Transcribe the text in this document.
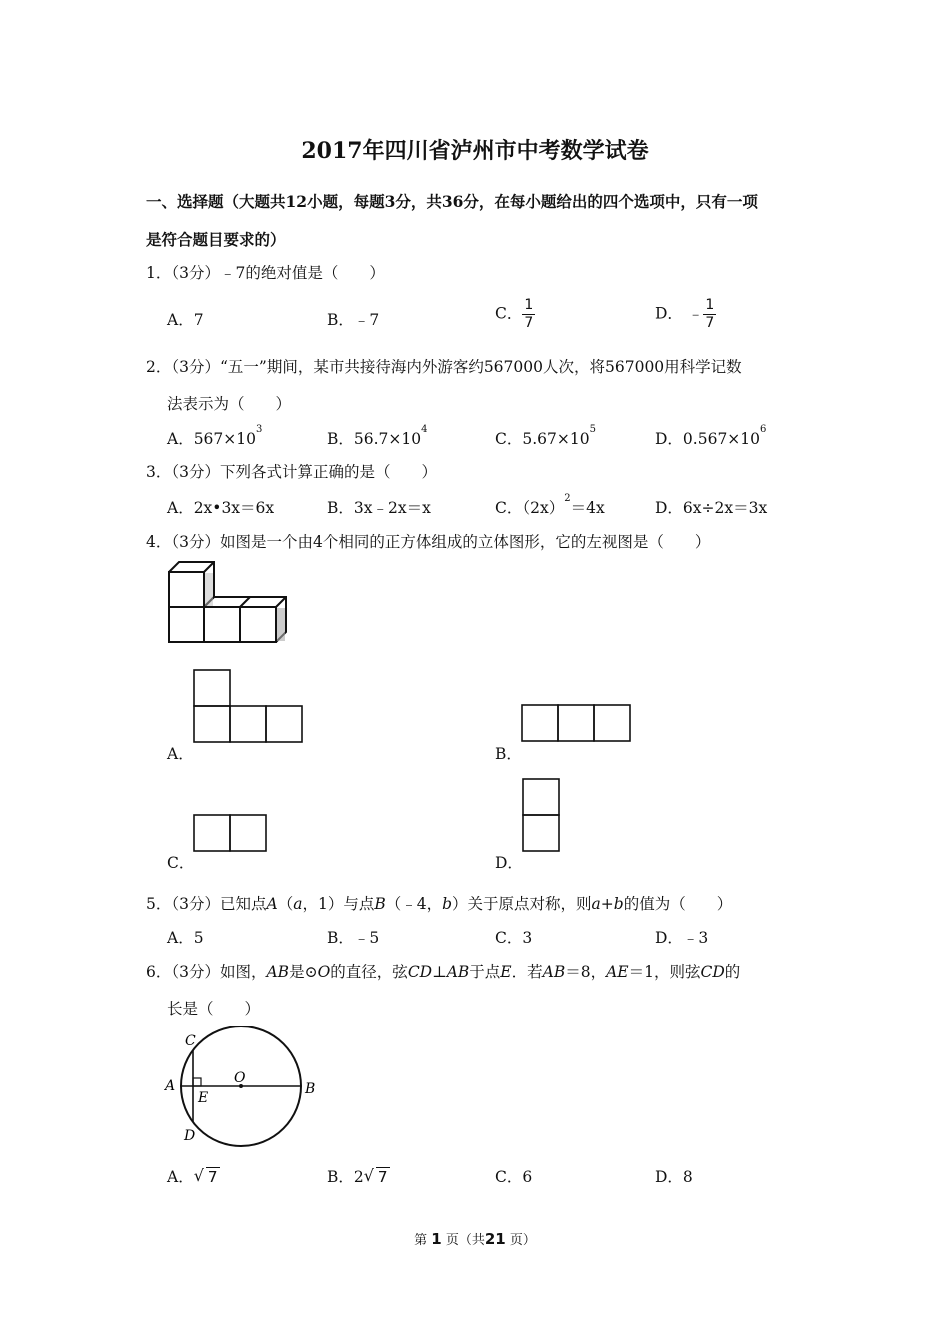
2017年四川省泸州市中考数学试卷
一、选择题（大题共12小题，每题3分，共36分，在每小题给出的四个选项中，只有一项
是符合题目要求的）
1．（3分）﹣7的绝对值是（　　）
A．7	B．﹣7	C． $\frac{1}{7}$	D． ﹣ $\frac{1}{7}$
2．（3分）“五一”期间，某市共接待海内外游客约567000人次，将567000用科学记数
法表示为（　　）
A．$567\times 10^3$
B．$56.7\times 10^4$
C．$5.67\times 10^5$
D．$0.567\times 10^6$
3．（3分）下列各式计算正确的是（　　）
A．2x•3x＝6x	B．3x﹣2x＝x	C．$(2x)^2=4x$	D．6x÷2x＝3x
4．（3分）如图是一个由4个相同的正方体组成的立体图形，它的左视图是（　　）
A．	B．
C．	D．
5．（3分）已知点A（a，1）与点B（﹣4，b）关于原点对称，则a+b的值为（　　）
A．5	B．﹣5	C．3	D．﹣3
6．（3分）如图，AB是⊙O的直径，弦CD⊥AB于点E．若AB＝8，AE＝1，则弦CD的
长是（　　）
C
A	O
B
E
D
A． √ 7	B．2 √ 7	C．6	D．8
第 1 页（共21 页）
